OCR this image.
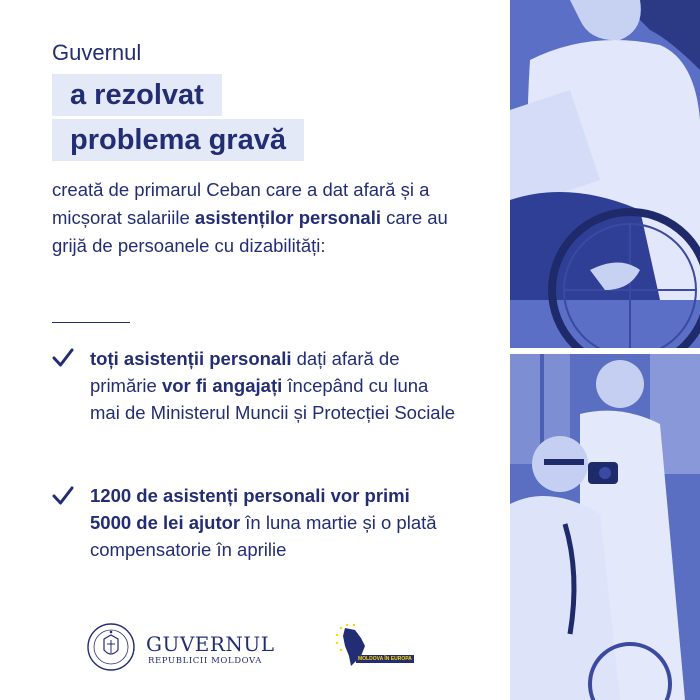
Guvernul
a rezolvat
problema gravă
creată de primarul Ceban care a dat afară și a micșorat salariile asistenților personali care au grijă de persoanele cu dizabilități:
toți asistenții personali dați afară de primărie vor fi angajați începând cu luna mai de Ministerul Muncii și Protecției Sociale
1200 de asistenți personali vor primi 5000 de lei ajutor în luna martie și o plată compensatorie în aprilie
GUVERNUL
REPUBLICII MOLDOVA	MOLDOVA ÎN EUROPA
